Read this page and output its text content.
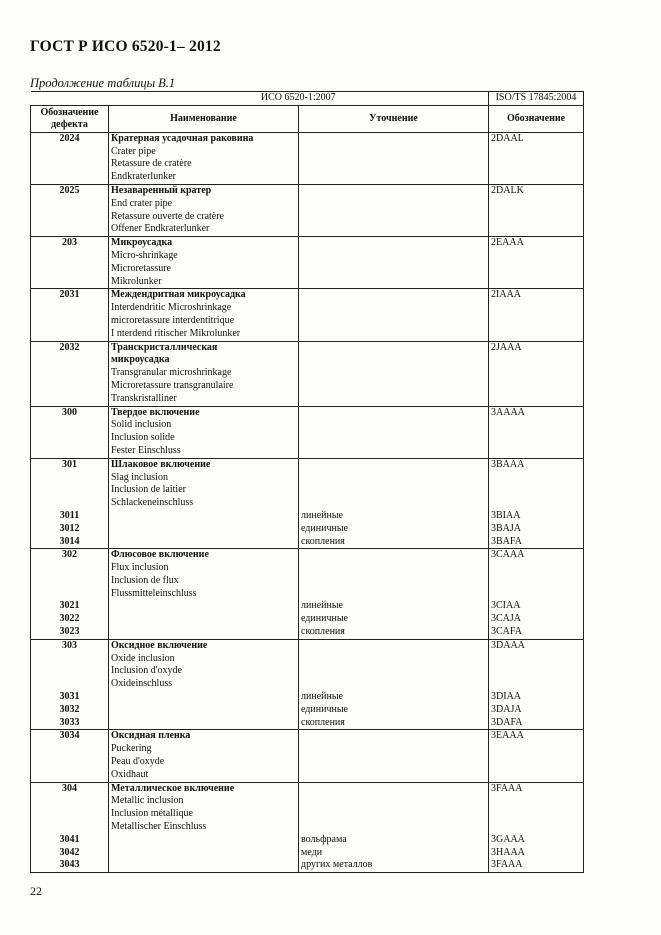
ГОСТ Р ИСО 6520-1– 2012
Продолжение таблицы В.1
	ИСО 6520-1:2007		ISO/TS 17845:2004
Обозначение дефекта	Наименование	Уточнение	Обозначение
2024	Кратерная усадочная раковина
Crater pipe
Retassure de cratère
Endkraterlunker		2DAAL
2025	Незаваренный кратер
End crater pipe
Retassure ouverte de cratère
Offener Endkraterlunker		2DALK
203	Микроусадка
Micro-shrinkage
Microretassure
Mikrolunker		2EAAA
2031	Междендритная микроусадка
Interdendritic Microshrinkage
microretassure interdentitrique
I nterdend ritischer Mikrolunker		2IAAA
2032	Транскристаллическая микроусадка
Transgranular microshrinkage
Microretassure transgranulaire
Transkristalliner		2JAAA
300	Твердое включение
Solid inclusion
Inclusion solide
Fester Einschluss		3AAAA
301	Шлаковое включение
Slag inclusion
Inclusion de laitier
Schlackeneinschluss		3BAAA
3011		линейные	3BIAA
3012		единичные	3BAJA
3014		скопления	3BAFA
302	Флюсовое включение
Flux inclusion
Inclusion de flux
Flussmitteleinschluss		3CAAA
3021		линейные	3CIAA
3022		единичные	3CAJA
3023		скопления	3CAFA
303	Оксидное включение
Oxide inclusion
Inclusion d'oxyde
Oxideinschluss		3DAAA
3031		линейные	3DIAA
3032		единичные	3DAJA
3033		скопления	3DAFA
3034	Оксидная пленка
Puckering
Peau d'oxyde
Oxidhaut		3EAAA
304	Металлическое включение
Metallic inclusion
Inclusion métallique
Metallischer Einschluss		3FAAA
3041		вольфрама	3GAAA
3042		меди	3HAAA
3043		других металлов	3FAAA
22
